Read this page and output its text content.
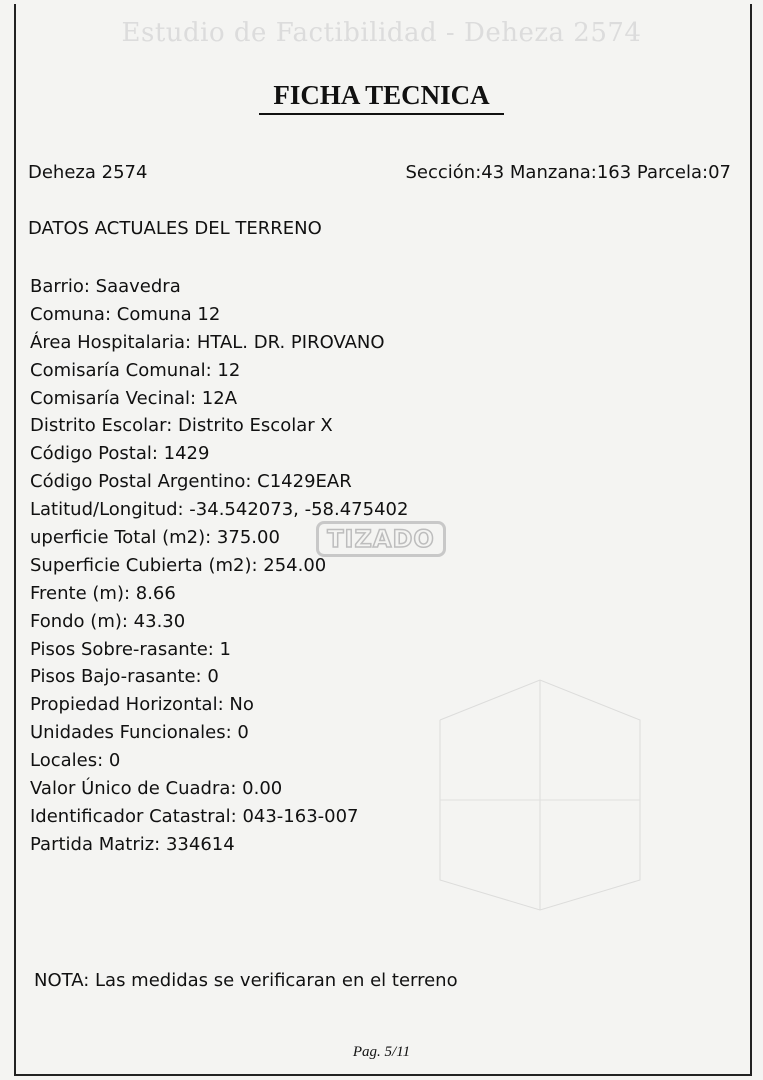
Estudio de Factibilidad - Deheza 2574
FICHA TECNICA
Deheza 2574	Sección:43 Manzana:163 Parcela:07
DATOS ACTUALES DEL TERRENO
Barrio: Saavedra
Comuna: Comuna 12
Área Hospitalaria: HTAL. DR. PIROVANO
Comisaría Comunal: 12
Comisaría Vecinal: 12A
Distrito Escolar: Distrito Escolar X
Código Postal: 1429
Código Postal Argentino: C1429EAR
Latitud/Longitud: -34.542073, -58.475402
uperficie Total (m2): 375.00
Superficie Cubierta (m2): 254.00
Frente (m): 8.66
Fondo (m): 43.30
Pisos Sobre-rasante: 1
Pisos Bajo-rasante: 0
Propiedad Horizontal: No
Unidades Funcionales: 0
Locales: 0
Valor Único de Cuadra: 0.00
Identificador Catastral: 043-163-007
Partida Matriz: 334614
TIZADO
NOTA: Las medidas se verificaran en el terreno
Pag. 5/11
